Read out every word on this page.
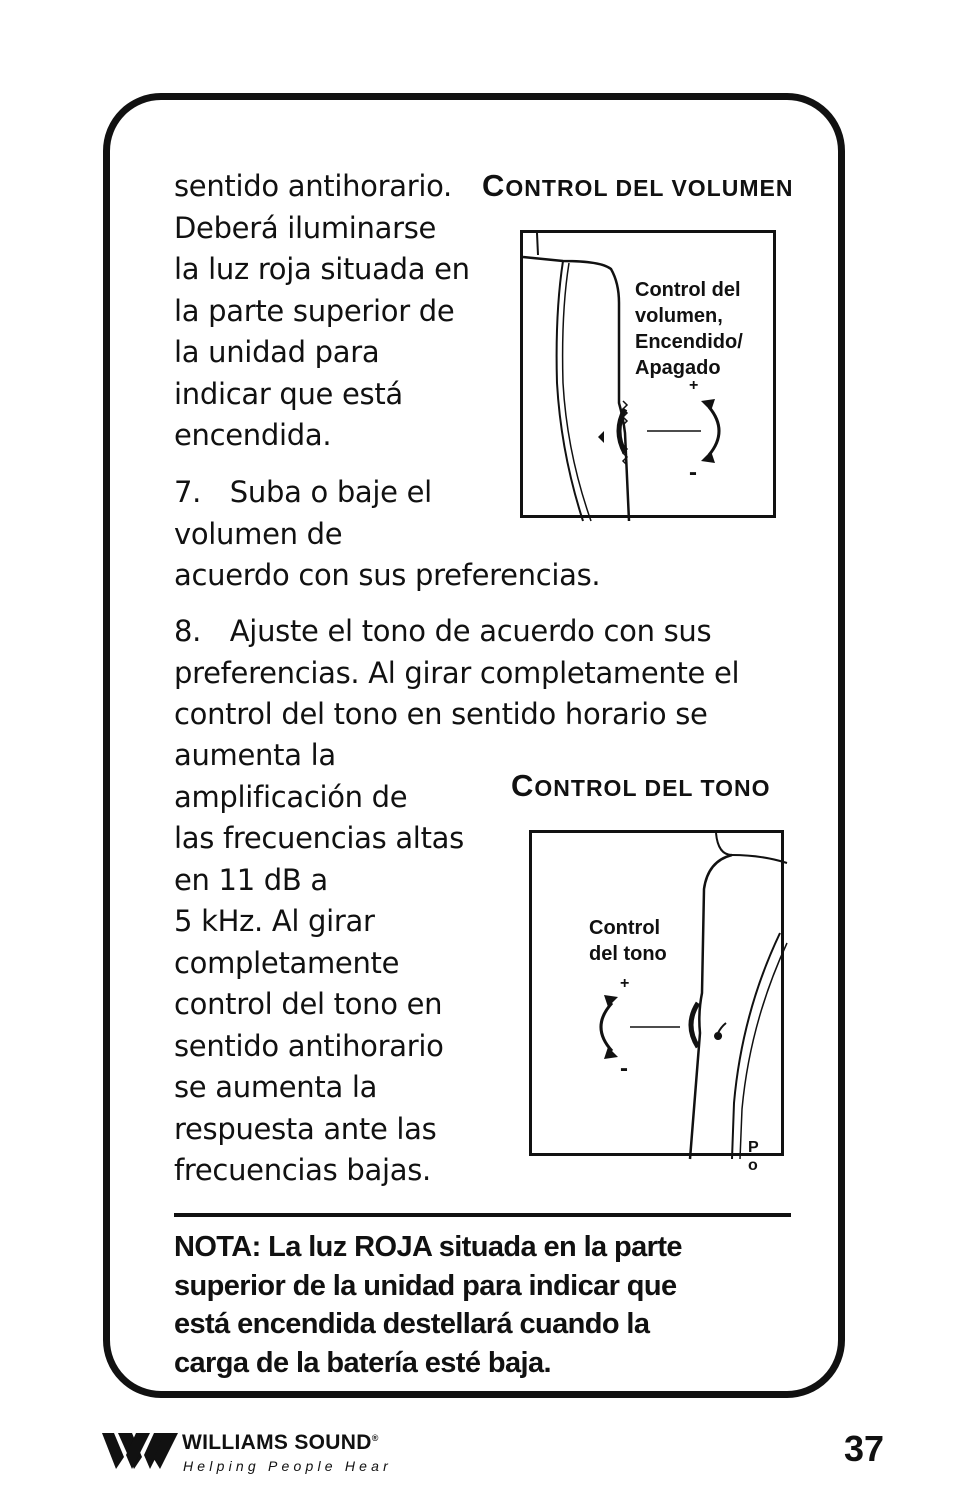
sentido antihorario.
Deberá iluminarse
la luz roja situada en
la parte superior de
la unidad para
indicar que está
encendida.
7. Suba o baje el
volumen de
acuerdo con sus preferencias.
8. Ajuste el tono de acuerdo con sus
preferencias. Al girar completamente el
control del tono en sentido horario se
aumenta la
amplificación de
las frecuencias altas
en 11 dB a
5 kHz. Al girar
completamente
control del tono en
sentido antihorario
se aumenta la
respuesta ante las
frecuencias bajas.
CONTROL DEL VOLUMEN
Control del
volumen,
Encendido/
Apagado
+
-
CONTROL DEL TONO
Control
del tono
+
-
P o
NOTA: La luz ROJA situada en la parte
superior de la unidad para indicar que
está encendida destellará cuando la
carga de la batería esté baja.
WILLIAMS SOUND®
Helping People Hear	37
